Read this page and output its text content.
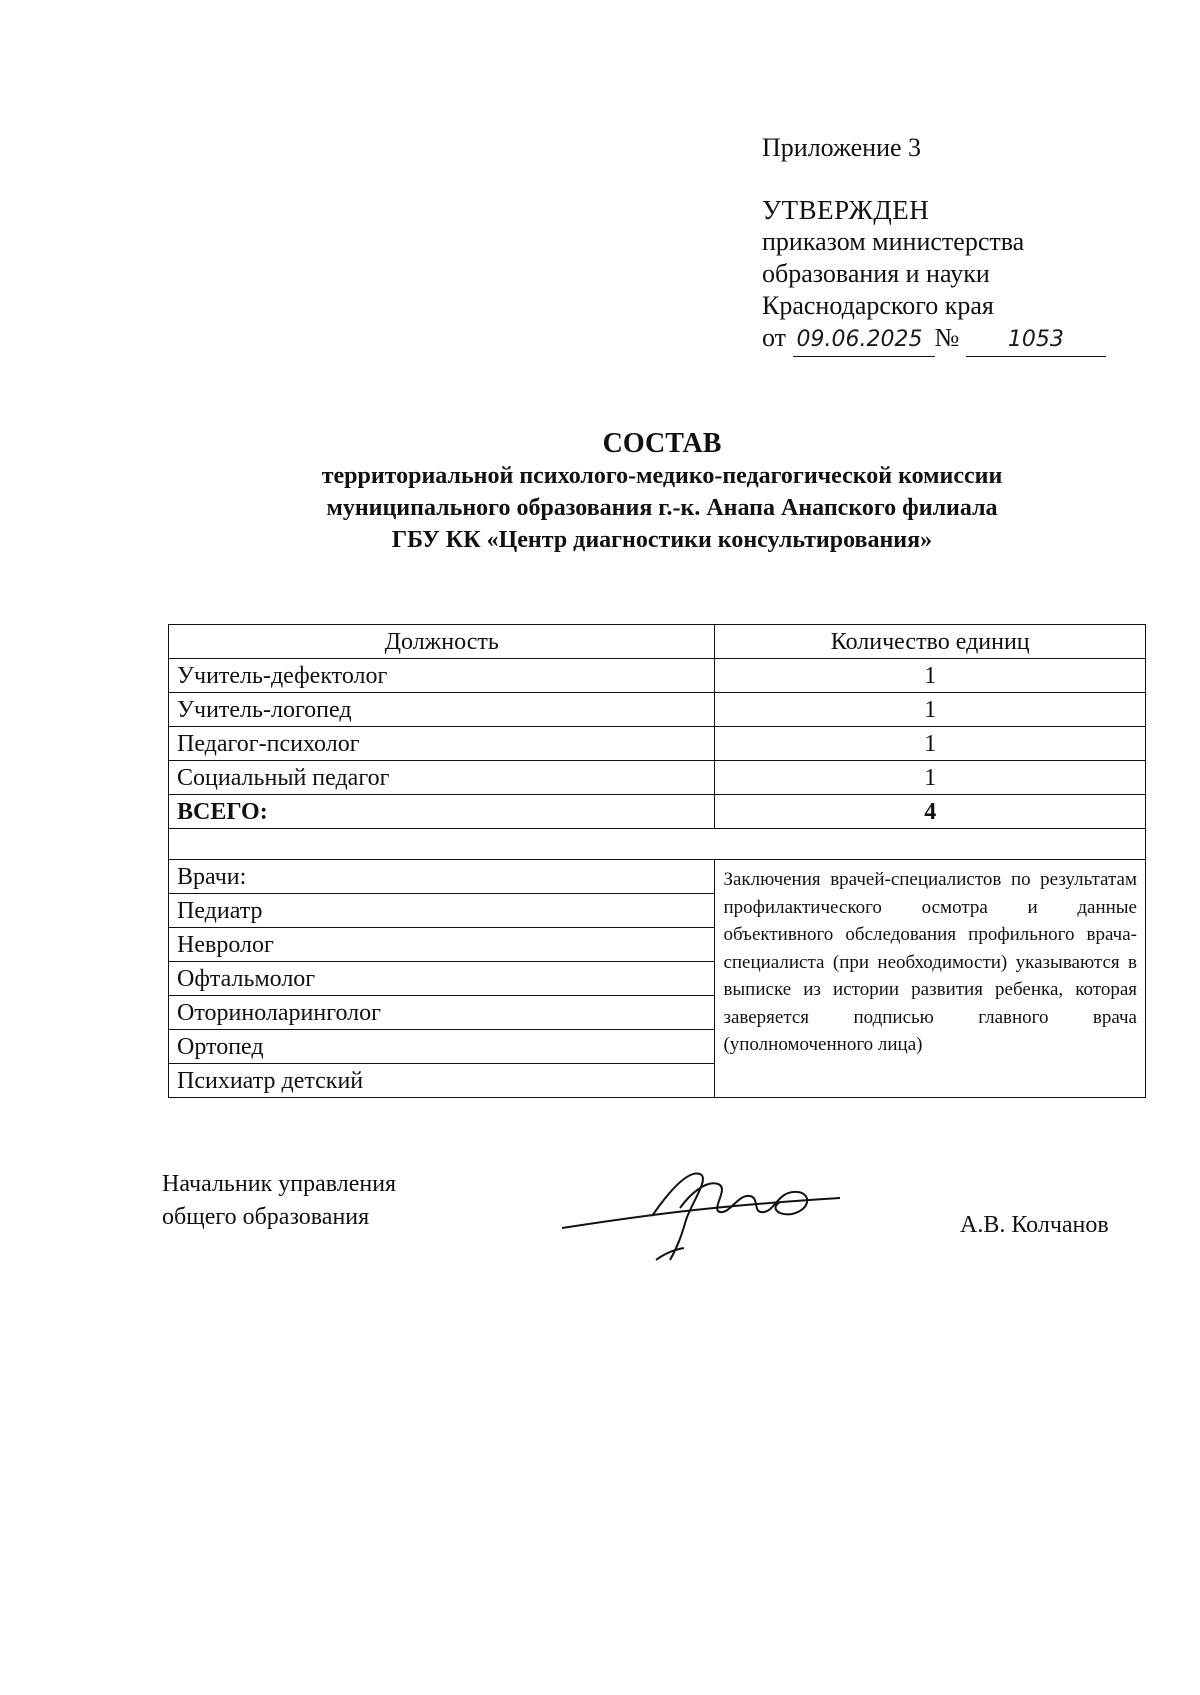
Приложение 3
УТВЕРЖДЕН
приказом министерства
образования и науки
Краснодарского края
от 09.06.2025 № 1053
СОСТАВ
территориальной психолого-медико-педагогической комиссии
муниципального образования г.-к. Анапа Анапского филиала
ГБУ КК «Центр диагностики консультирования»
Должность	Количество единиц
Учитель-дефектолог	1
Учитель-логопед	1
Педагог-психолог	1
Социальный педагог	1
ВСЕГО:	4

Врачи:	Заключения врачей-специалистов по результатам профилактического осмотра и данные объективного обследования профильного врача-специалиста (при необходимости) указываются в выписке из истории развития ребенка, которая заверяется подписью главного врача (уполномоченного лица)
Педиатр	
Невролог	
Офтальмолог	
Оториноларинголог	
Ортопед	
Психиатр детский	
Начальник управления
общего образования	А.В. Колчанов
